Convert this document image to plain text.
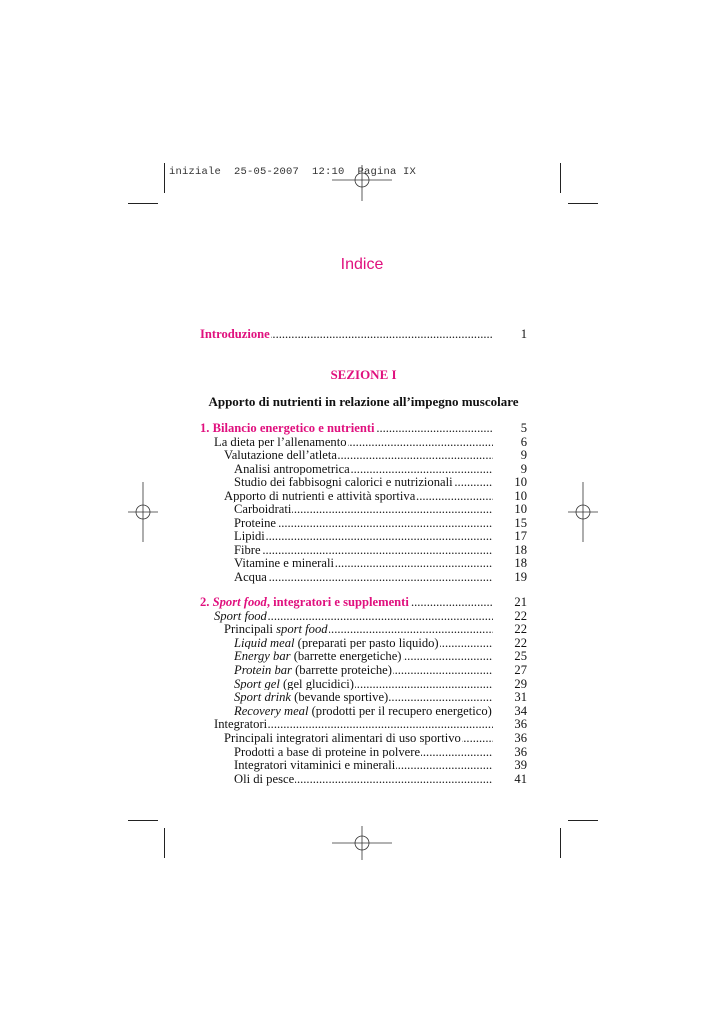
iniziale  25-05-2007  12:10  Pagina IX
Indice
Introduzione .....	1
SEZIONE I
Apporto di nutrienti in relazione all’impegno muscolare
1. Bilancio energetico e nutrienti .....	5
La dieta per l’allenamento .....	6
Valutazione dell’atleta .....	9
Analisi antropometrica .....	9
Studio dei fabbisogni calorici e nutrizionali .....	10
Apporto di nutrienti e attività sportiva .....	10
Carboidrati .....	10
Proteine .....	15
Lipidi .....	17
Fibre .....	18
Vitamine e minerali .....	18
Acqua .....	19
2. Sport food, integratori e supplementi .....	21
Sport food .....	22
Principali sport food .....	22
Liquid meal (preparati per pasto liquido) .....	22
Energy bar (barrette energetiche) .....	25
Protein bar (barrette proteiche) .....	27
Sport gel (gel glucidici) .....	29
Sport drink (bevande sportive) .....	31
Recovery meal (prodotti per il recupero energetico) .....	34
Integratori .....	36
Principali integratori alimentari di uso sportivo .....	36
Prodotti a base di proteine in polvere .....	36
Integratori vitaminici e minerali .....	39
Oli di pesce .....	41
